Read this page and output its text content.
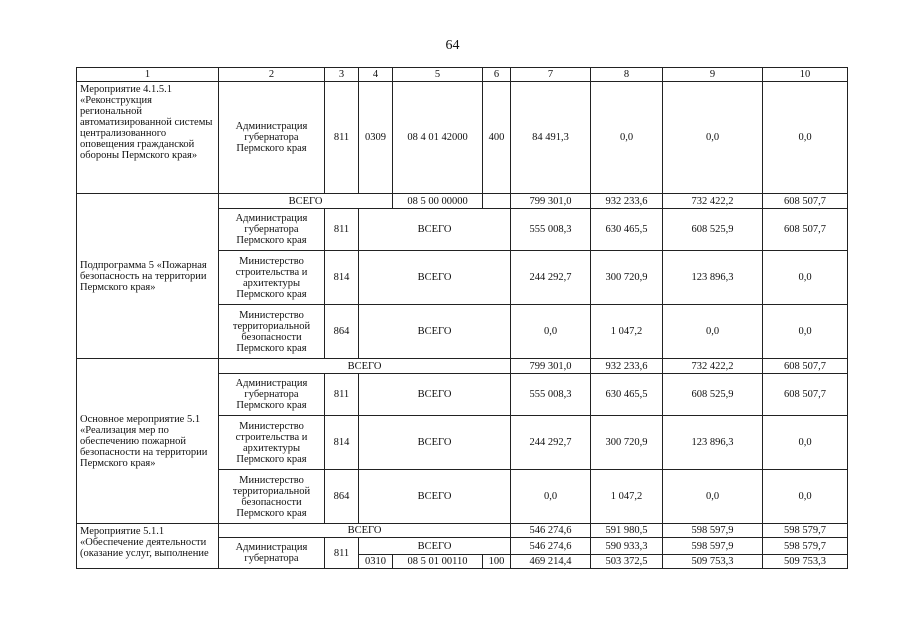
64
1	2	3	4	5	6	7	8	9	10
Мероприятие 4.1.5.1 «Реконструкция региональной автоматизированной системы централизованного оповещения гражданской обороны Пермского края»	Администрация губернатора Пермского края	811	0309	08 4 01 42000	400	84 491,3	0,0	0,0	0,0
Подпрограмма 5 «Пожарная безопасность на территории Пермского края»	ВСЕГО			08 5 00 00000		799 301,0	932 233,6	732 422,2	608 507,7
	Администрация губернатора Пермского края	811	ВСЕГО			555 008,3	630 465,5	608 525,9	608 507,7
	Министерство строительства и архитектуры Пермского края	814	ВСЕГО			244 292,7	300 720,9	123 896,3	0,0
	Министерство территориальной безопасности Пермского края	864	ВСЕГО			0,0	1 047,2	0,0	0,0
Основное мероприятие 5.1 «Реализация мер по обеспечению пожарной безопасности на территории Пермского края»	ВСЕГО					799 301,0	932 233,6	732 422,2	608 507,7
	Администрация губернатора Пермского края	811	ВСЕГО			555 008,3	630 465,5	608 525,9	608 507,7
	Министерство строительства и архитектуры Пермского края	814	ВСЕГО			244 292,7	300 720,9	123 896,3	0,0
	Министерство территориальной безопасности Пермского края	864	ВСЕГО			0,0	1 047,2	0,0	0,0

Мероприятие 5.1.1 «Обеспечение деятельности (оказание услуг, выполнение	ВСЕГО					546 274,6	591 980,5	598 597,9	598 579,7
	Администрация губернатора	811	ВСЕГО			546 274,6	590 933,3	598 597,9	598 579,7
			0310	08 5 01 00110	100	469 214,4	503 372,5	509 753,3	509 753,3
